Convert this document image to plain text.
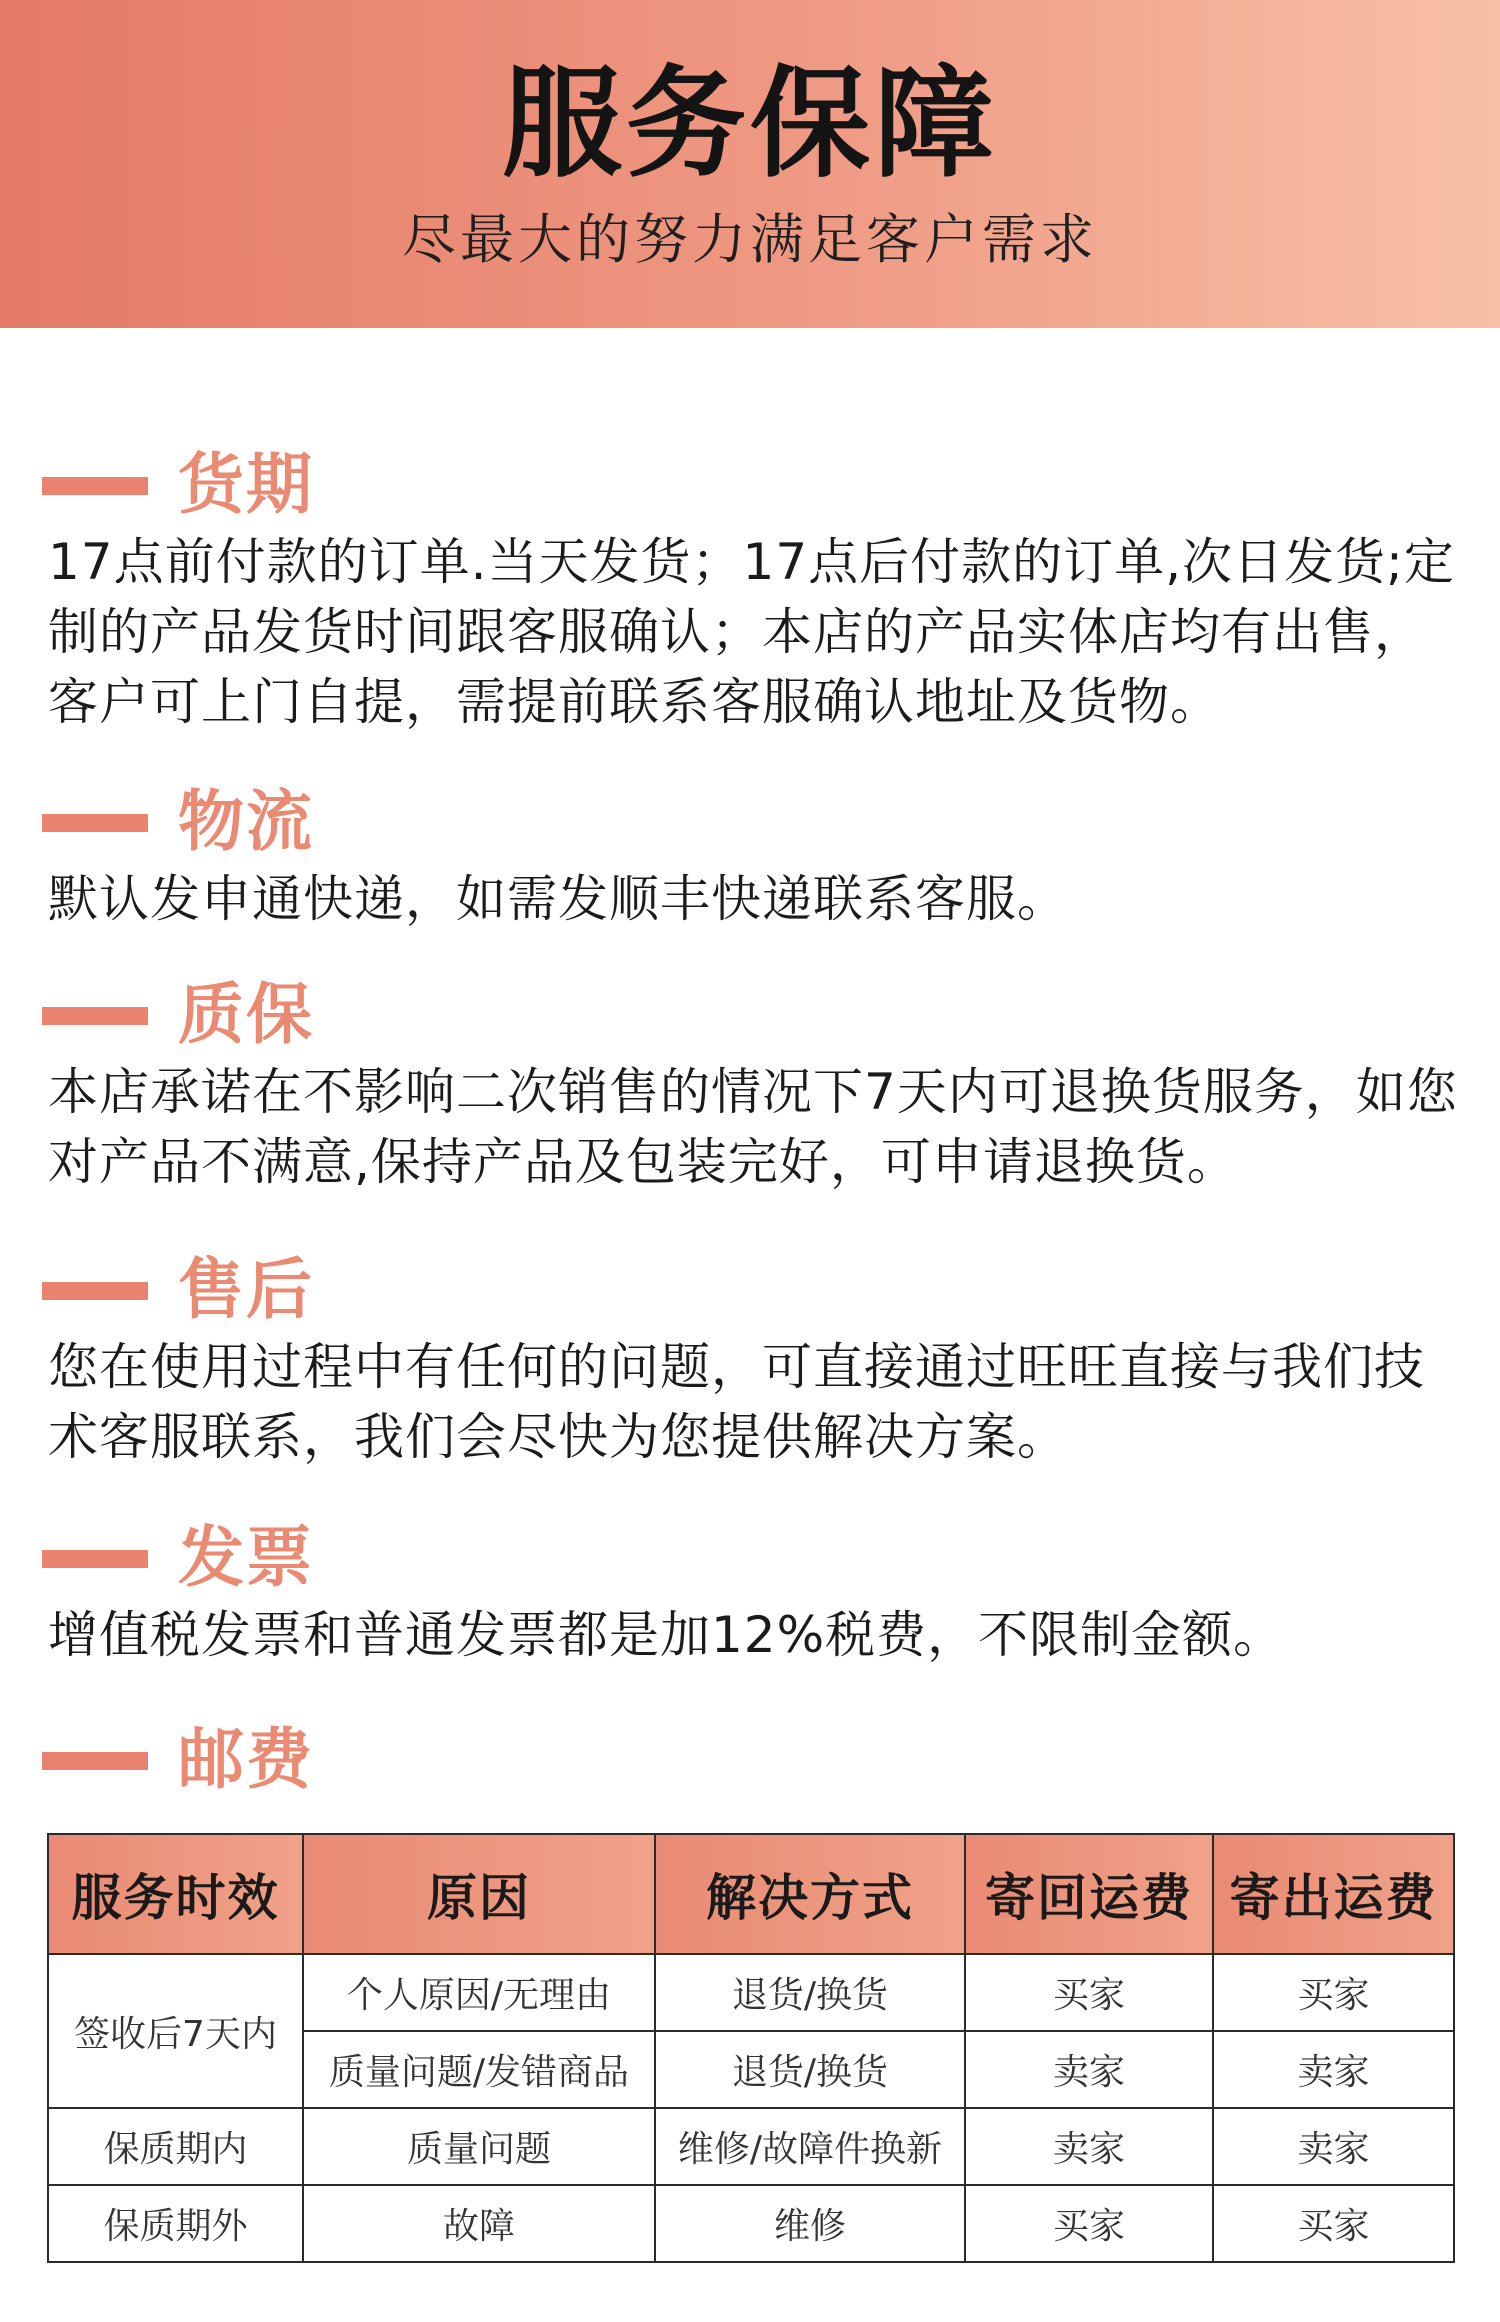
服务保障
尽最大的努力满足客户需求
货期
17点前付款的订单.当天发货；17点后付款的订单,次日发货;定制的产品发货时间跟客服确认；本店的产品实体店均有出售，客户可上门自提，需提前联系客服确认地址及货物。
物流
默认发申通快递，如需发顺丰快递联系客服。
质保
本店承诺在不影响二次销售的情况下7天内可退换货服务，如您对产品不满意,保持产品及包装完好，可申请退换货。
售后
您在使用过程中有任何的问题，可直接通过旺旺直接与我们技术客服联系，我们会尽快为您提供解决方案。
发票
增值税发票和普通发票都是加12%税费，不限制金额。
邮费
服务时效	原因	解决方式	寄回运费	寄出运费
签收后7天内	个人原因/无理由	退货/换货	买家	买家
	质量问题/发错商品	退货/换货	卖家	卖家
保质期内	质量问题	维修/故障件换新	卖家	卖家
保质期外	故障	维修	买家	买家
